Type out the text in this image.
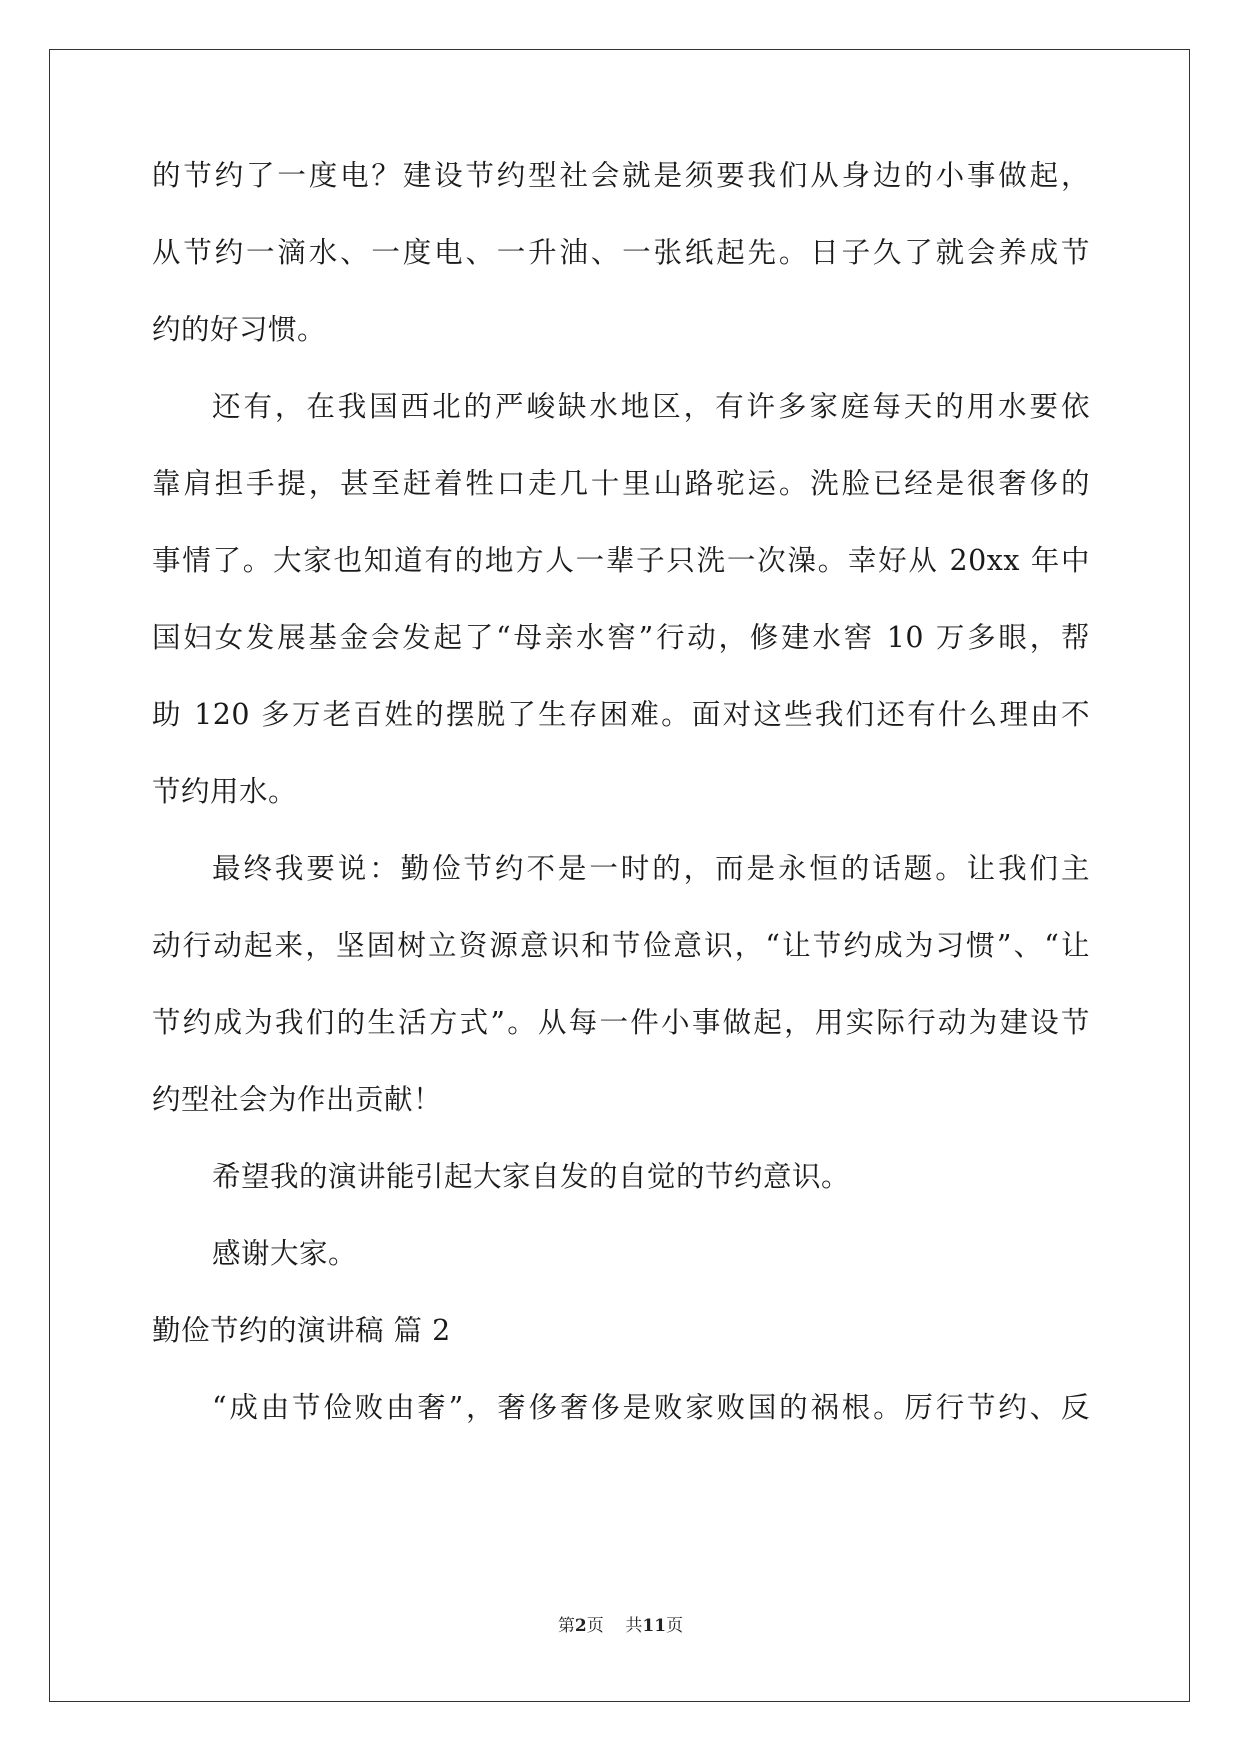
的节约了一度电？建设节约型社会就是须要我们从身边的小事做起，
从节约一滴水、一度电、一升油、一张纸起先。日子久了就会养成节
约的好习惯。
还有，在我国西北的严峻缺水地区，有许多家庭每天的用水要依
靠肩担手提，甚至赶着牲口走几十里山路驼运。洗脸已经是很奢侈的
事情了。大家也知道有的地方人一辈子只洗一次澡。幸好从 20xx 年中
国妇女发展基金会发起了“母亲水窖”行动，修建水窖 10 万多眼，帮
助 120 多万老百姓的摆脱了生存困难。面对这些我们还有什么理由不
节约用水。
最终我要说：勤俭节约不是一时的，而是永恒的话题。让我们主
动行动起来，坚固树立资源意识和节俭意识，“让节约成为习惯”、“让
节约成为我们的生活方式”。从每一件小事做起，用实际行动为建设节
约型社会为作出贡献！
希望我的演讲能引起大家自发的自觉的节约意识。
感谢大家。
勤俭节约的演讲稿 篇 2
“成由节俭败由奢”，奢侈奢侈是败家败国的祸根。厉行节约、反
第2页    共11页
